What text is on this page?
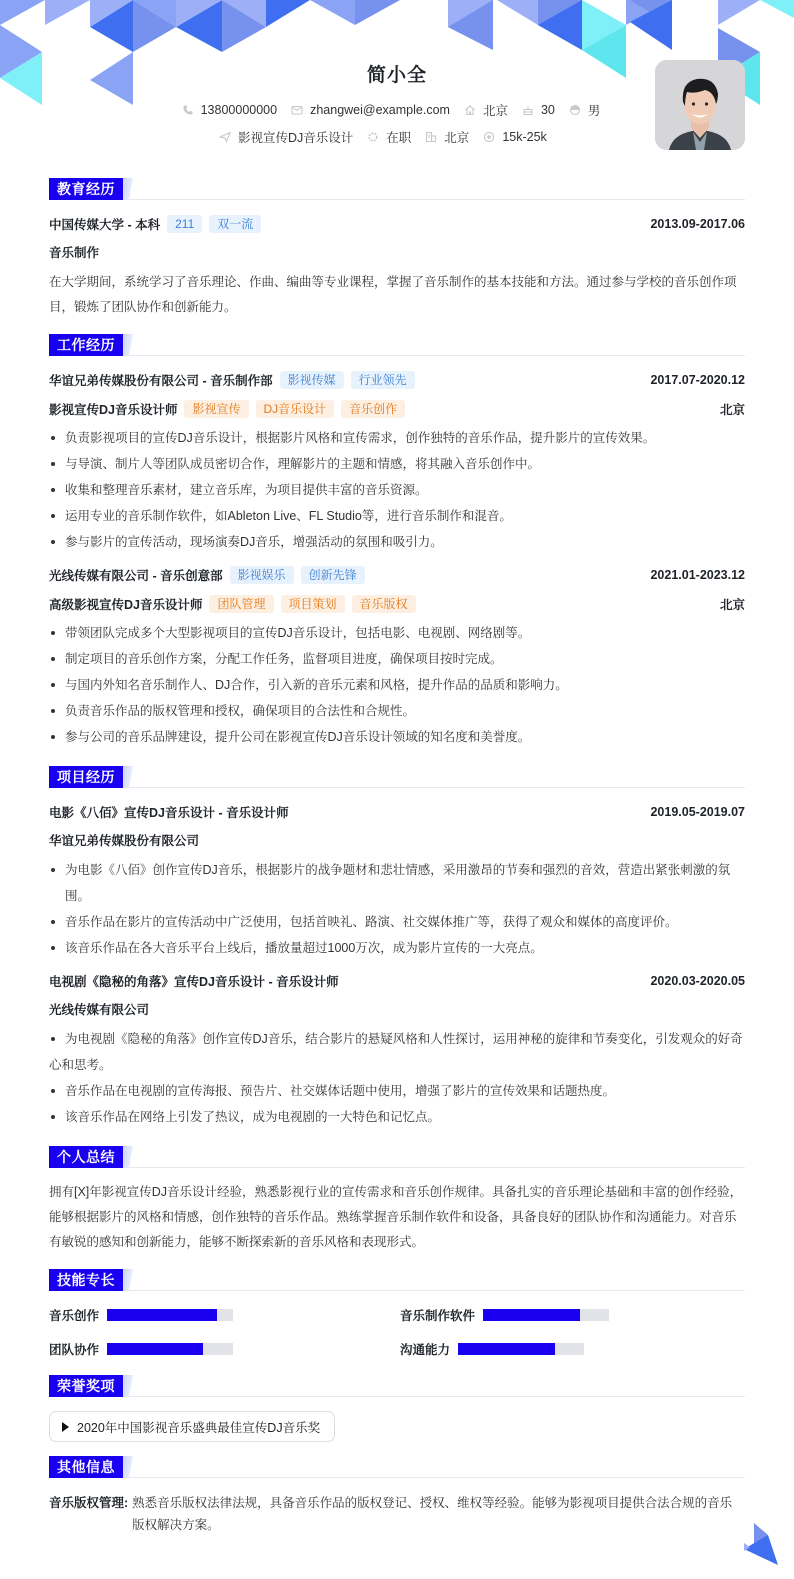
简小全
13800000000	zhangwei@example.com	北京	30	男
影视宣传DJ音乐设计	在职	北京	15k-25k
教育经历
中国传媒大学 - 本科	211	双一流	2013.09-2017.06
音乐制作
在大学期间，系统学习了音乐理论、作曲、编曲等专业课程，掌握了音乐制作的基本技能和方法。通过参与学校的音乐创作项目，锻炼了团队协作和创新能力。
工作经历
华谊兄弟传媒股份有限公司 - 音乐制作部	影视传媒	行业领先	2017.07-2020.12
影视宣传DJ音乐设计师	影视宣传	DJ音乐设计	音乐创作	北京
负责影视项目的宣传DJ音乐设计，根据影片风格和宣传需求，创作独特的音乐作品，提升影片的宣传效果。
与导演、制片人等团队成员密切合作，理解影片的主题和情感，将其融入音乐创作中。
收集和整理音乐素材，建立音乐库，为项目提供丰富的音乐资源。
运用专业的音乐制作软件，如Ableton Live、FL Studio等，进行音乐制作和混音。
参与影片的宣传活动，现场演奏DJ音乐，增强活动的氛围和吸引力。
光线传媒有限公司 - 音乐创意部	影视娱乐	创新先锋	2021.01-2023.12
高级影视宣传DJ音乐设计师	团队管理	项目策划	音乐版权	北京
带领团队完成多个大型影视项目的宣传DJ音乐设计，包括电影、电视剧、网络剧等。
制定项目的音乐创作方案，分配工作任务，监督项目进度，确保项目按时完成。
与国内外知名音乐制作人、DJ合作，引入新的音乐元素和风格，提升作品的品质和影响力。
负责音乐作品的版权管理和授权，确保项目的合法性和合规性。
参与公司的音乐品牌建设，提升公司在影视宣传DJ音乐设计领域的知名度和美誉度。
项目经历
电影《八佰》宣传DJ音乐设计 - 音乐设计师	2019.05-2019.07
华谊兄弟传媒股份有限公司
为电影《八佰》创作宣传DJ音乐，根据影片的战争题材和悲壮情感，采用激昂的节奏和强烈的音效，营造出紧张刺激的氛围。
音乐作品在影片的宣传活动中广泛使用，包括首映礼、路演、社交媒体推广等，获得了观众和媒体的高度评价。
该音乐作品在各大音乐平台上线后，播放量超过1000万次，成为影片宣传的一大亮点。
电视剧《隐秘的角落》宣传DJ音乐设计 - 音乐设计师	2020.03-2020.05
光线传媒有限公司
为电视剧《隐秘的角落》创作宣传DJ音乐，结合影片的悬疑风格和人性探讨，运用神秘的旋律和节奏变化，引发观众的好奇心和思考。
音乐作品在电视剧的宣传海报、预告片、社交媒体话题中使用，增强了影片的宣传效果和话题热度。
该音乐作品在网络上引发了热议，成为电视剧的一大特色和记忆点。
个人总结
拥有[X]年影视宣传DJ音乐设计经验，熟悉影视行业的宣传需求和音乐创作规律。具备扎实的音乐理论基础和丰富的创作经验，能够根据影片的风格和情感，创作独特的音乐作品。熟练掌握音乐制作软件和设备，具备良好的团队协作和沟通能力。对音乐有敏锐的感知和创新能力，能够不断探索新的音乐风格和表现形式。
技能专长
音乐创作	音乐制作软件
团队协作	沟通能力
荣誉奖项
2020年中国影视音乐盛典最佳宣传DJ音乐奖
其他信息
音乐版权管理: 熟悉音乐版权法律法规，具备音乐作品的版权登记、授权、维权等经验。能够为影视项目提供合法合规的音乐版权解决方案。
